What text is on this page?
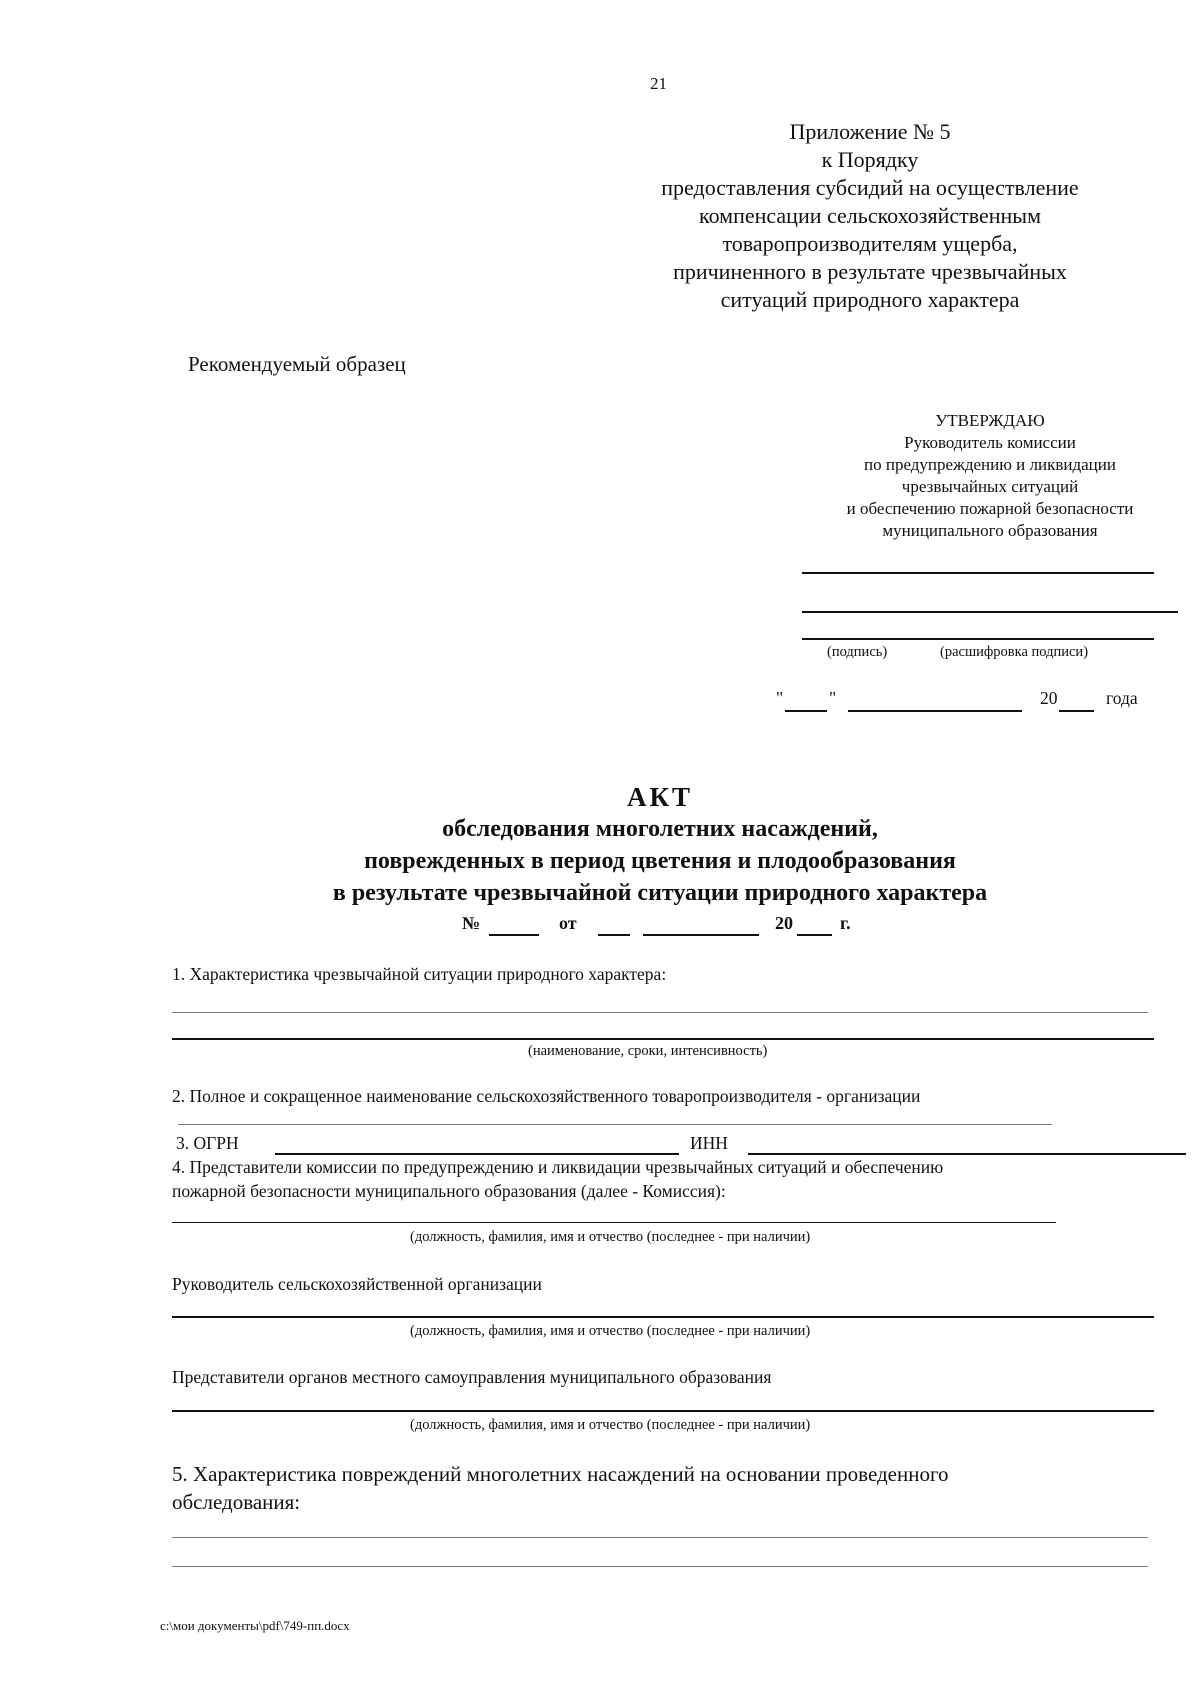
21
Приложение № 5
к Порядку
предоставления субсидий на осуществление
компенсации сельскохозяйственным
товаропроизводителям ущерба,
причиненного в результате чрезвычайных
ситуаций природного характера
Рекомендуемый образец
УТВЕРЖДАЮ
Руководитель комиссии
по предупреждению и ликвидации
чрезвычайных ситуаций
и обеспечению пожарной безопасности
муниципального образования
(подпись)	(расшифровка подписи)
"	"	20	года
АКТ
обследования многолетних насаждений,
поврежденных в период цветения и плодообразования
в результате чрезвычайной ситуации природного характера
№	от	20	г.
1. Характеристика чрезвычайной ситуации природного характера:
(наименование, сроки, интенсивность)
2. Полное и сокращенное наименование сельскохозяйственного товаропроизводителя - организации
3. ОГРН	ИНН
4. Представители комиссии по предупреждению и ликвидации чрезвычайных ситуаций и обеспечению
пожарной безопасности муниципального образования (далее - Комиссия):
(должность, фамилия, имя и отчество (последнее - при наличии)
Руководитель сельскохозяйственной организации
(должность, фамилия, имя и отчество (последнее - при наличии)
Представители органов местного самоуправления муниципального образования
(должность, фамилия, имя и отчество (последнее - при наличии)
5. Характеристика повреждений многолетних насаждений на основании проведенного
обследования:
c:\мои документы\pdf\749-пп.docx
